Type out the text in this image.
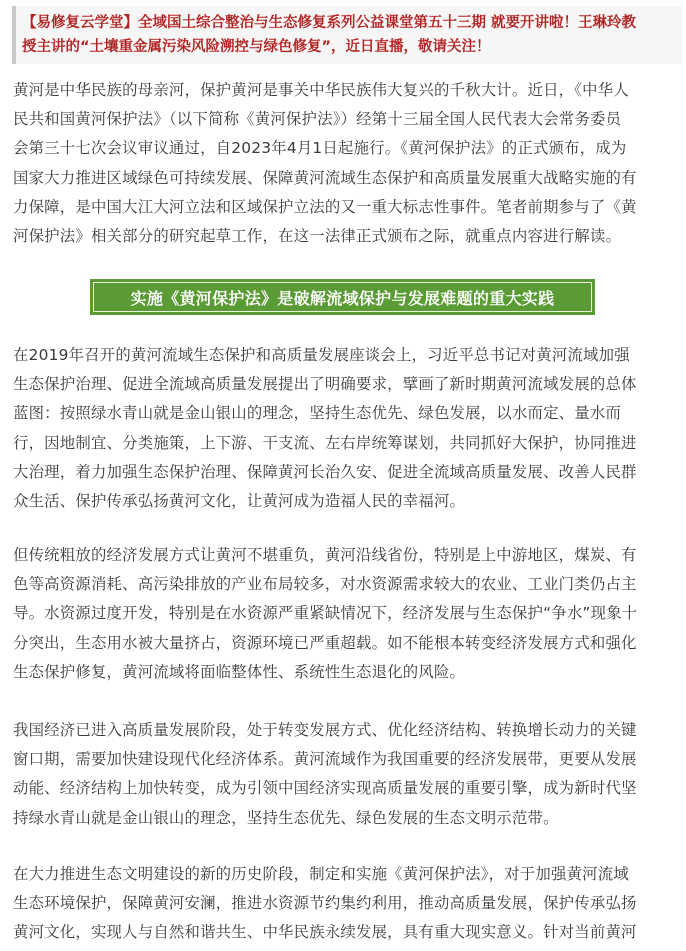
【易修复云学堂】全域国土综合整治与生态修复系列公益课堂第五十三期 就要开讲啦！王琳玲教

授主讲的“土壤重金属污染风险溯控与绿色修复”，近日直播，敬请关注！

黄河是中华民族的母亲河，保护黄河是事关中华民族伟大复兴的千秋大计。近日，《中华人

民共和国黄河保护法》（以下简称《黄河保护法》）经第十三届全国人民代表大会常务委员

会第三十七次会议审议通过，自2023年4月1日起施行。《黄河保护法》的正式颁布，成为

国家大力推进区域绿色可持续发展、保障黄河流域生态保护和高质量发展重大战略实施的有

力保障，是中国大江大河立法和区域保护立法的又一重大标志性事件。笔者前期参与了《黄

河保护法》相关部分的研究起草工作，在这一法律正式颁布之际，就重点内容进行解读。

实施《黄河保护法》是破解流域保护与发展难题的重大实践

在2019年召开的黄河流域生态保护和高质量发展座谈会上，习近平总书记对黄河流域加强

生态保护治理、促进全流域高质量发展提出了明确要求，擘画了新时期黄河流域发展的总体

蓝图：按照绿水青山就是金山银山的理念，坚持生态优先、绿色发展，以水而定、量水而

行，因地制宜、分类施策，上下游、干支流、左右岸统筹谋划，共同抓好大保护，协同推进

大治理，着力加强生态保护治理、保障黄河长治久安、促进全流域高质量发展、改善人民群

众生活、保护传承弘扬黄河文化，让黄河成为造福人民的幸福河。

但传统粗放的经济发展方式让黄河不堪重负，黄河沿线省份，特别是上中游地区，煤炭、有

色等高资源消耗、高污染排放的产业布局较多，对水资源需求较大的农业、工业门类仍占主

导。水资源过度开发，特别是在水资源严重紧缺情况下，经济发展与生态保护“争水”现象十

分突出，生态用水被大量挤占，资源环境已严重超载。如不能根本转变经济发展方式和强化

生态保护修复，黄河流域将面临整体性、系统性生态退化的风险。

我国经济已进入高质量发展阶段，处于转变发展方式、优化经济结构、转换增长动力的关键

窗口期，需要加快建设现代化经济体系。黄河流域作为我国重要的经济发展带，更要从发展

动能、经济结构上加快转变，成为引领中国经济实现高质量发展的重要引擎，成为新时代坚

持绿水青山就是金山银山的理念，坚持生态优先、绿色发展的生态文明示范带。

在大力推进生态文明建设的新的历史阶段，制定和实施《黄河保护法》，对于加强黄河流域

生态环境保护，保障黄河安澜，推进水资源节约集约利用，推动高质量发展，保护传承弘扬

黄河文化，实现人与自然和谐共生、中华民族永续发展，具有重大现实意义。针对当前黄河
